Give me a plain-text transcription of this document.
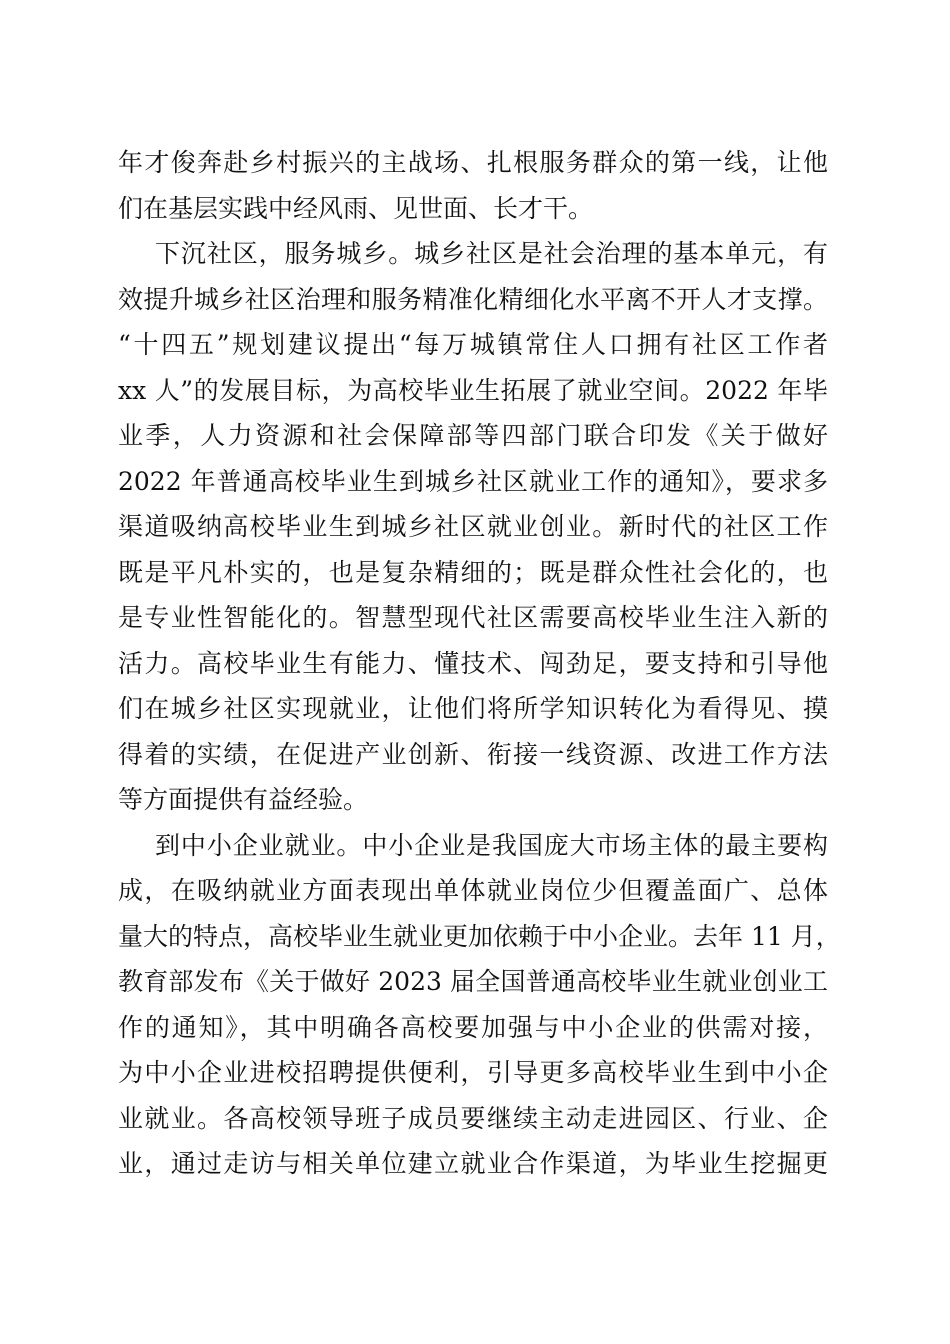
年才俊奔赴乡村振兴的主战场、扎根服务群众的第一线，让他
们在基层实践中经风雨、见世面、长才干。
下沉社区，服务城乡。城乡社区是社会治理的基本单元，有
效提升城乡社区治理和服务精准化精细化水平离不开人才支撑。
“十四五”规划建议提出“每万城镇常住人口拥有社区工作者
xx 人”的发展目标，为高校毕业生拓展了就业空间。2022 年毕
业季，人力资源和社会保障部等四部门联合印发《关于做好
2022 年普通高校毕业生到城乡社区就业工作的通知》，要求多
渠道吸纳高校毕业生到城乡社区就业创业。新时代的社区工作
既是平凡朴实的，也是复杂精细的；既是群众性社会化的，也
是专业性智能化的。智慧型现代社区需要高校毕业生注入新的
活力。高校毕业生有能力、懂技术、闯劲足，要支持和引导他
们在城乡社区实现就业，让他们将所学知识转化为看得见、摸
得着的实绩，在促进产业创新、衔接一线资源、改进工作方法
等方面提供有益经验。
到中小企业就业。中小企业是我国庞大市场主体的最主要构
成，在吸纳就业方面表现出单体就业岗位少但覆盖面广、总体
量大的特点，高校毕业生就业更加依赖于中小企业。去年 11 月，
教育部发布《关于做好 2023 届全国普通高校毕业生就业创业工
作的通知》，其中明确各高校要加强与中小企业的供需对接，
为中小企业进校招聘提供便利，引导更多高校毕业生到中小企
业就业。各高校领导班子成员要继续主动走进园区、行业、企
业，通过走访与相关单位建立就业合作渠道，为毕业生挖掘更
